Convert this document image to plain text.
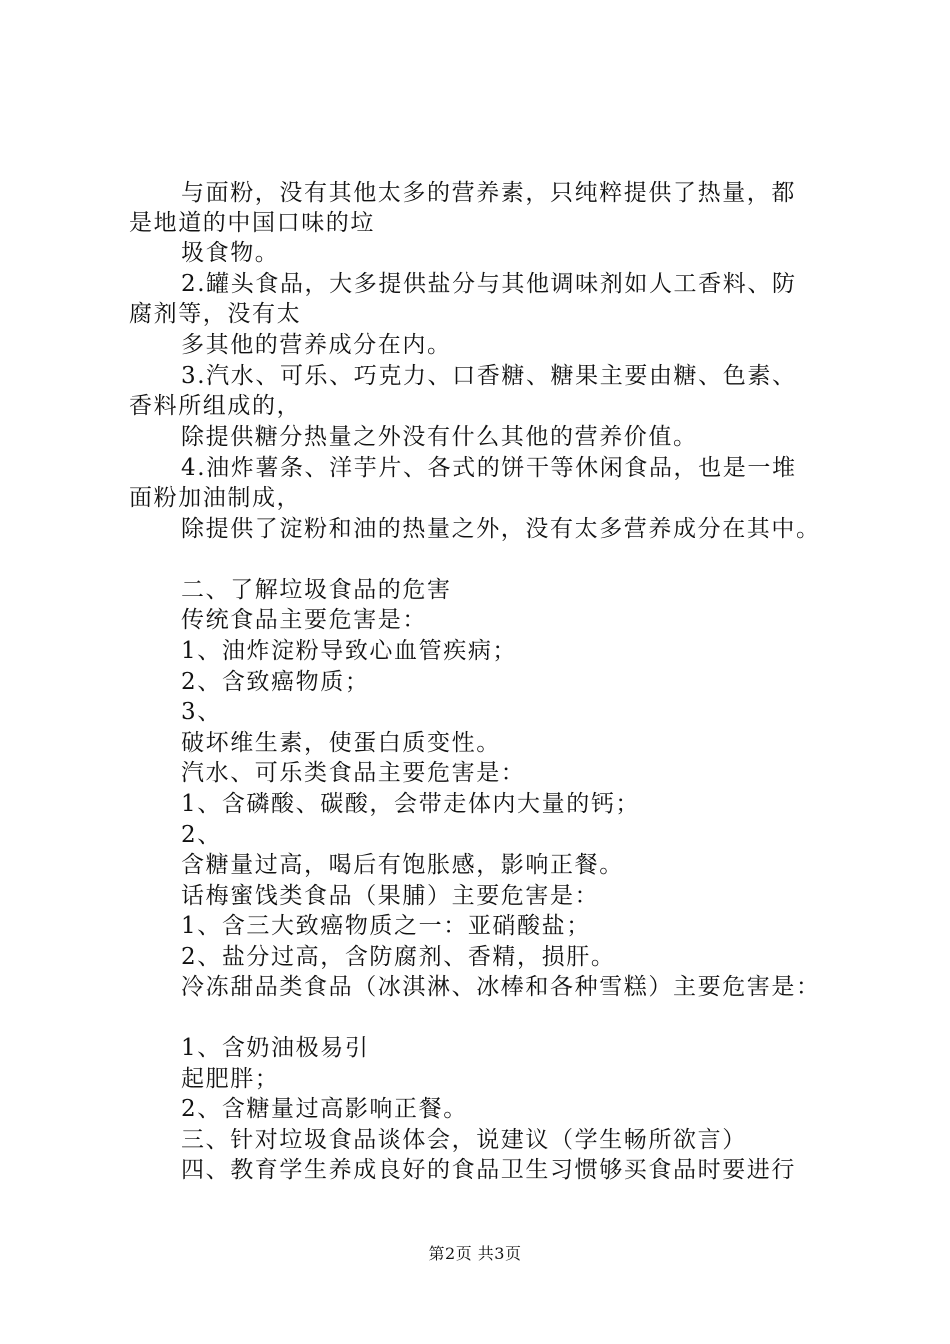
与面粉，没有其他太多的营养素，只纯粹提供了热量，都
是地道的中国口味的垃
圾食物。
2.罐头食品，大多提供盐分与其他调味剂如人工香料、防
腐剂等，没有太
多其他的营养成分在内。
3.汽水、可乐、巧克力、口香糖、糖果主要由糖、色素、
香料所组成的，
除提供糖分热量之外没有什么其他的营养价值。
4.油炸薯条、洋芋片、各式的饼干等休闲食品，也是一堆
面粉加油制成，
除提供了淀粉和油的热量之外，没有太多营养成分在其中。
二、了解垃圾食品的危害
传统食品主要危害是：
1、油炸淀粉导致心血管疾病；
2、含致癌物质；
3、
破坏维生素，使蛋白质变性。
汽水、可乐类食品主要危害是：
1、含磷酸、碳酸，会带走体内大量的钙；
2、
含糖量过高，喝后有饱胀感，影响正餐。
话梅蜜饯类食品（果脯）主要危害是：
1、含三大致癌物质之一：亚硝酸盐；
2、盐分过高，含防腐剂、香精，损肝。
冷冻甜品类食品（冰淇淋、冰棒和各种雪糕）主要危害是：
1、含奶油极易引
起肥胖；
2、含糖量过高影响正餐。
三、针对垃圾食品谈体会，说建议（学生畅所欲言）
四、教育学生养成良好的食品卫生习惯够买食品时要进行
第2页 共3页
